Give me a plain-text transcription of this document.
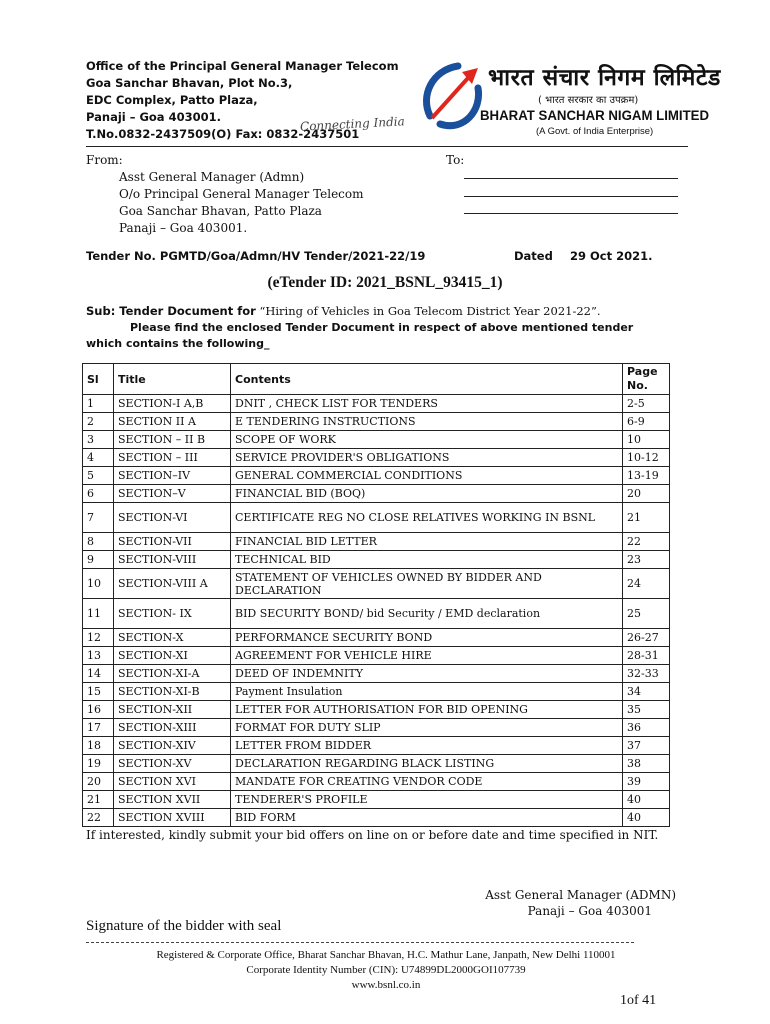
Office of the Principal General Manager Telecom
Goa Sanchar Bhavan, Plot No.3,
EDC Complex, Patto Plaza,
Panaji – Goa 403001.
T.No.0832-2437509(O) Fax: 0832-2437501
Connecting India
भारत संचार निगम लिमिटेड
( भारत सरकार का उपक्रम)
BHARAT SANCHAR NIGAM LIMITED
(A Govt. of India Enterprise)
From:
Asst General Manager (Admn)
O/o Principal General Manager Telecom
Goa Sanchar Bhavan, Patto Plaza
Panaji – Goa 403001.
To:
Tender No. PGMTD/Goa/Admn/HV Tender/2021-22/19	Dated 29 Oct 2021.
(eTender ID: 2021_BSNL_93415_1)
Sub: Tender Document for “Hiring of Vehicles in Goa Telecom District Year 2021-22”.
Please find the enclosed Tender Document in respect of above mentioned tender which contains the following_
Sl	Title	Contents	Page No.
1	SECTION-I A,B	DNIT , CHECK LIST FOR TENDERS	2-5
2	SECTION II A	E TENDERING INSTRUCTIONS	6-9
3	SECTION – II B	SCOPE OF WORK	10
4	SECTION – III	SERVICE PROVIDER'S OBLIGATIONS	10-12
5	SECTION–IV	GENERAL COMMERCIAL CONDITIONS	13-19
6	SECTION–V	FINANCIAL BID (BOQ)	20
7	SECTION-VI	CERTIFICATE REG NO CLOSE RELATIVES WORKING IN BSNL	21
8	SECTION-VII	FINANCIAL BID LETTER	22
9	SECTION-VIII	TECHNICAL BID	23
10	SECTION-VIII A	STATEMENT OF VEHICLES OWNED BY BIDDER AND DECLARATION	24
11	SECTION- IX	BID SECURITY BOND/ bid Security / EMD declaration	25
12	SECTION-X	PERFORMANCE SECURITY BOND	26-27
13	SECTION-XI	AGREEMENT FOR VEHICLE HIRE	28-31
14	SECTION-XI-A	DEED OF INDEMNITY	32-33
15	SECTION-XI-B	Payment Insulation	34
16	SECTION-XII	LETTER FOR AUTHORISATION FOR BID OPENING	35
17	SECTION-XIII	FORMAT FOR DUTY SLIP	36
18	SECTION-XIV	LETTER FROM BIDDER	37
19	SECTION-XV	DECLARATION REGARDING BLACK LISTING	38
20	SECTION XVI	MANDATE FOR CREATING VENDOR CODE	39
21	SECTION XVII	TENDERER'S PROFILE	40
22	SECTION XVIII	BID FORM	40
If interested, kindly submit your bid offers on line on or before date and time specified in NIT.
Asst General Manager (ADMN)
Panaji – Goa 403001
Signature of the bidder with seal
Registered & Corporate Office, Bharat Sanchar Bhavan, H.C. Mathur Lane, Janpath, New Delhi 110001
Corporate Identity Number (CIN): U74899DL2000GOI107739
www.bsnl.co.in
1of 41
